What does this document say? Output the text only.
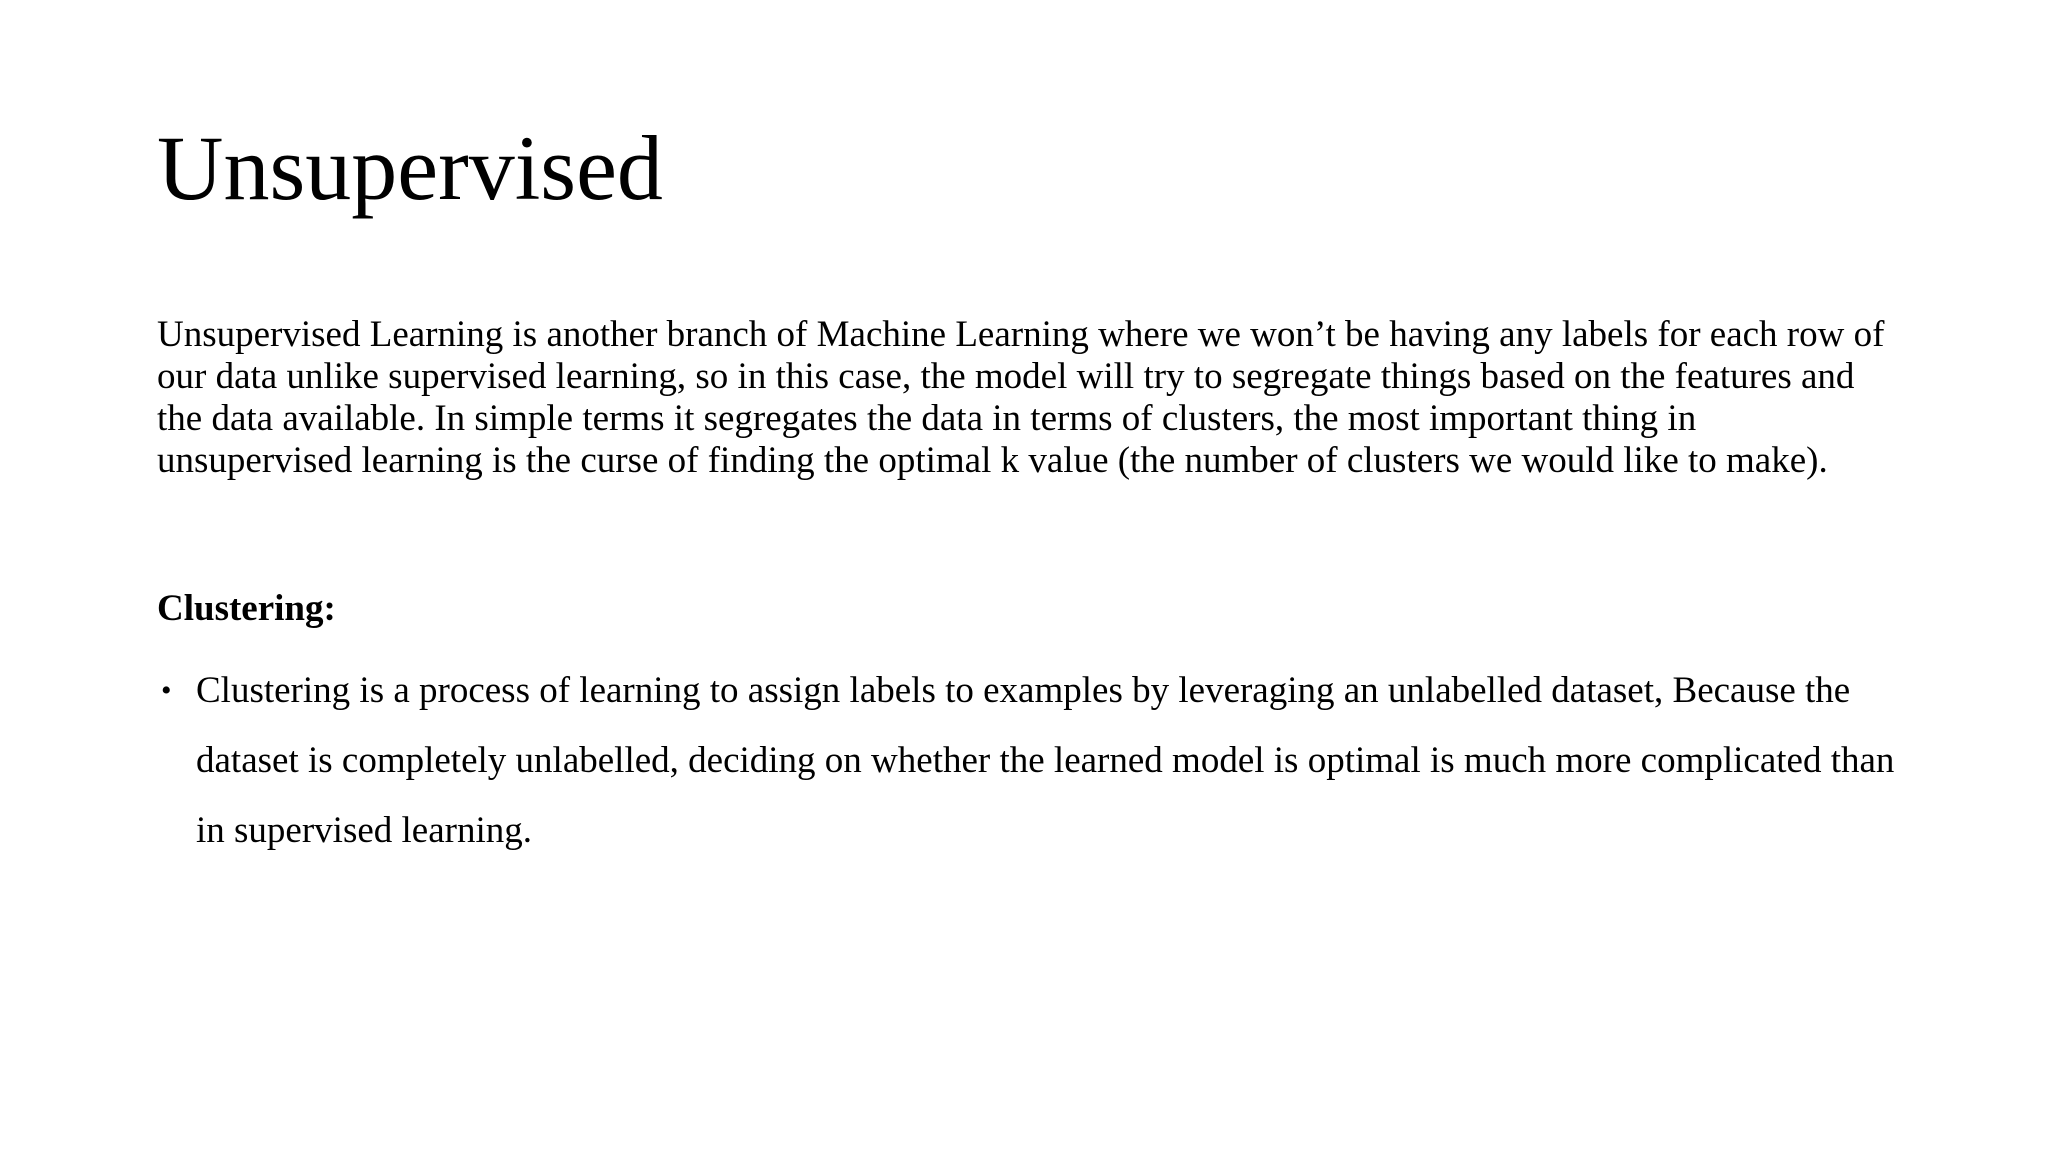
Unsupervised

Unsupervised Learning is another branch of Machine Learning where we won’t be having any labels for each row of our data unlike supervised learning, so in this case, the model will try to segregate things based on the features and the data available. In simple terms it segregates the data in terms of clusters, the most important thing in unsupervised learning is the curse of finding the optimal k value (the number of clusters we would like to make).

Clustering:
• Clustering is a process of learning to assign labels to examples by leveraging an unlabelled dataset, Because the dataset is completely unlabelled, deciding on whether the learned model is optimal is much more complicated than in supervised learning.
